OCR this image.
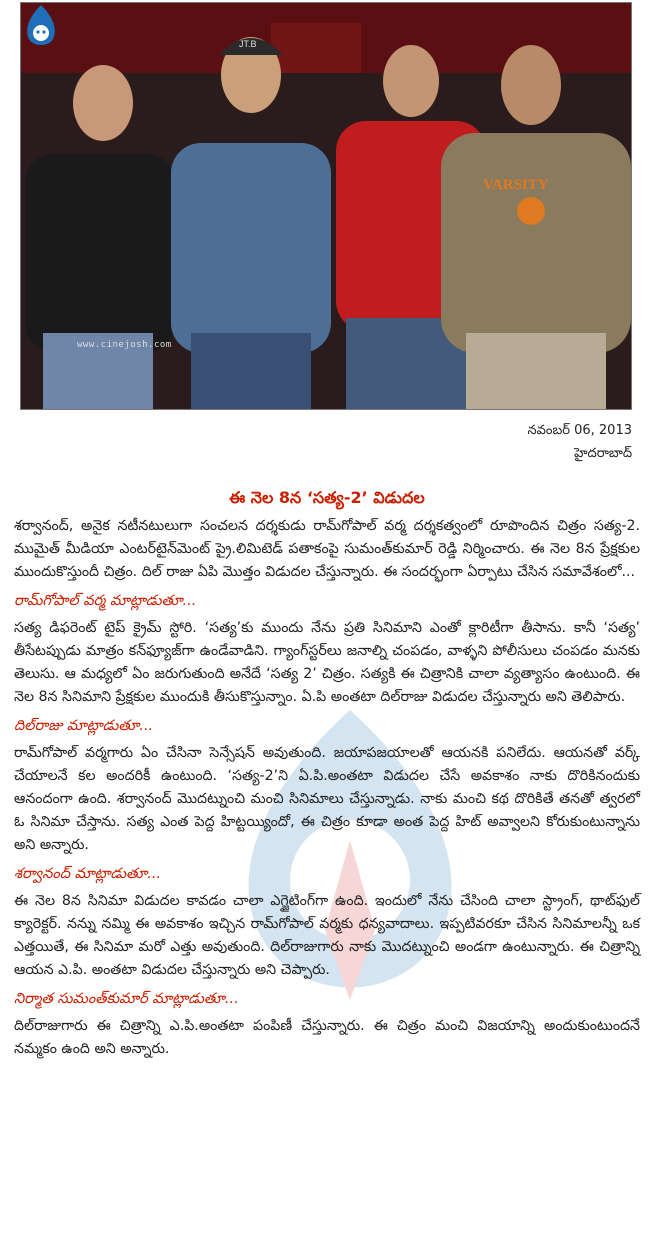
JT.B
VARSITY
www.cinejosh.com
నవంబర్ 06, 2013
హైదరాబాద్
ఈ నెల 8న ‘సత్య-2’ విడుదల

శర్వానంద్, అనైక నటీనటులుగా సంచలన దర్శకుడు రామ్‌గోపాల్ వర్మ దర్శకత్వంలో రూపొందిన చిత్రం సత్య-2. ముమైత్ మీడియా ఎంటర్‌టైన్‌మెంట్ ప్రై.లిమిటెడ్ పతాకంపై సుమంత్‌కుమార్ రెడ్డి నిర్మించారు. ఈ నెల 8న ప్రేక్షకుల ముందుకొస్తుందీ చిత్రం. దిల్ రాజు ఏపి మొత్తం విడుదల చేస్తున్నారు. ఈ సందర్భంగా ఏర్పాటు చేసిన సమావేశంలో...

రామ్‌గోపాల్ వర్మ మాట్లాడుతూ...

సత్య డిఫరెంట్ టైప్ క్రైమ్ స్టోరి. ‘సత్య’కు ముందు నేను ప్రతి సినిమాని ఎంతో క్లారిటీగా తీసాను. కానీ ‘సత్య’ తీసేటప్పుడు మాత్రం కన్‌ఫ్యూజ్‌గా ఉండేవాడిని. గ్యాంగ్‌స్టర్‌లు జనాల్ని చంపడం, వాళ్ళని పోలీసులు చంపడం మనకు తెలుసు. ఆ మధ్యలో ఏం జరుగుతుంది అనేదే ‘సత్య 2’ చిత్రం. సత్యకి ఈ చిత్రానికి చాలా వ్యత్యాసం ఉంటుంది. ఈ నెల 8న సినిమాని ప్రేక్షకుల ముందుకి తీసుకొస్తున్నాం. ఏ.పి అంతటా దిల్‌రాజు విడుదల చేస్తున్నారు అని తెలిపారు.

దిల్‌రాజు మాట్లాడుతూ...

రామ్‌గోపాల్ వర్మగారు ఏం చేసినా సెన్సేషన్ అవుతుంది. జయాపజయాలతో ఆయనకి పనిలేదు. ఆయనతో వర్క్ చేయాలనే కల అందరికీ ఉంటుంది. ‘సత్య-2’ని ఏ.పి.అంతటా విడుదల చేసే అవకాశం నాకు దొరికినందుకు ఆనందంగా ఉంది. శర్వానంద్ మొదట్నుంచి మంచి సినిమాలు చేస్తున్నాడు. నాకు మంచి కథ దొరికితే తనతో త్వరలో ఓ సినిమా చేస్తాను. సత్య ఎంత పెద్ద హిట్టయ్యిందో, ఈ చిత్రం కూడా అంత పెద్ద హిట్ అవ్వాలని కోరుకుంటున్నాను అని అన్నారు.

శర్వానంద్ మాట్లాడుతూ...

ఈ నెల 8న సినిమా విడుదల కావడం చాలా ఎగ్జైటింగ్‌గా ఉంది. ఇందులో నేను చేసింది చాలా స్ట్రాంగ్, థాట్‌ఫుల్ క్యారెక్టర్. నన్ను నమ్మి ఈ అవకాశం ఇచ్చిన రామ్‌గోపాల్ వర్మకు ధన్యవాదాలు. ఇప్పటివరకూ చేసిన సినిమాలన్నీ ఒక ఎత్తయితే, ఈ సినిమా మరో ఎత్తు అవుతుంది. దిల్‌రాజుగారు నాకు మొదట్నుంచి అండగా ఉంటున్నారు. ఈ చిత్రాన్ని ఆయన ఎ.పి. అంతటా విడుదల చేస్తున్నారు అని చెప్పారు.

నిర్మాత సుమంత్‌కుమార్ మాట్లాడుతూ...

దిల్‌రాజుగారు ఈ చిత్రాన్ని ఎ.పి.అంతటా పంపిణీ చేస్తున్నారు. ఈ చిత్రం మంచి విజయాన్ని అందుకుంటుందనే నమ్మకం ఉంది అని అన్నారు.
